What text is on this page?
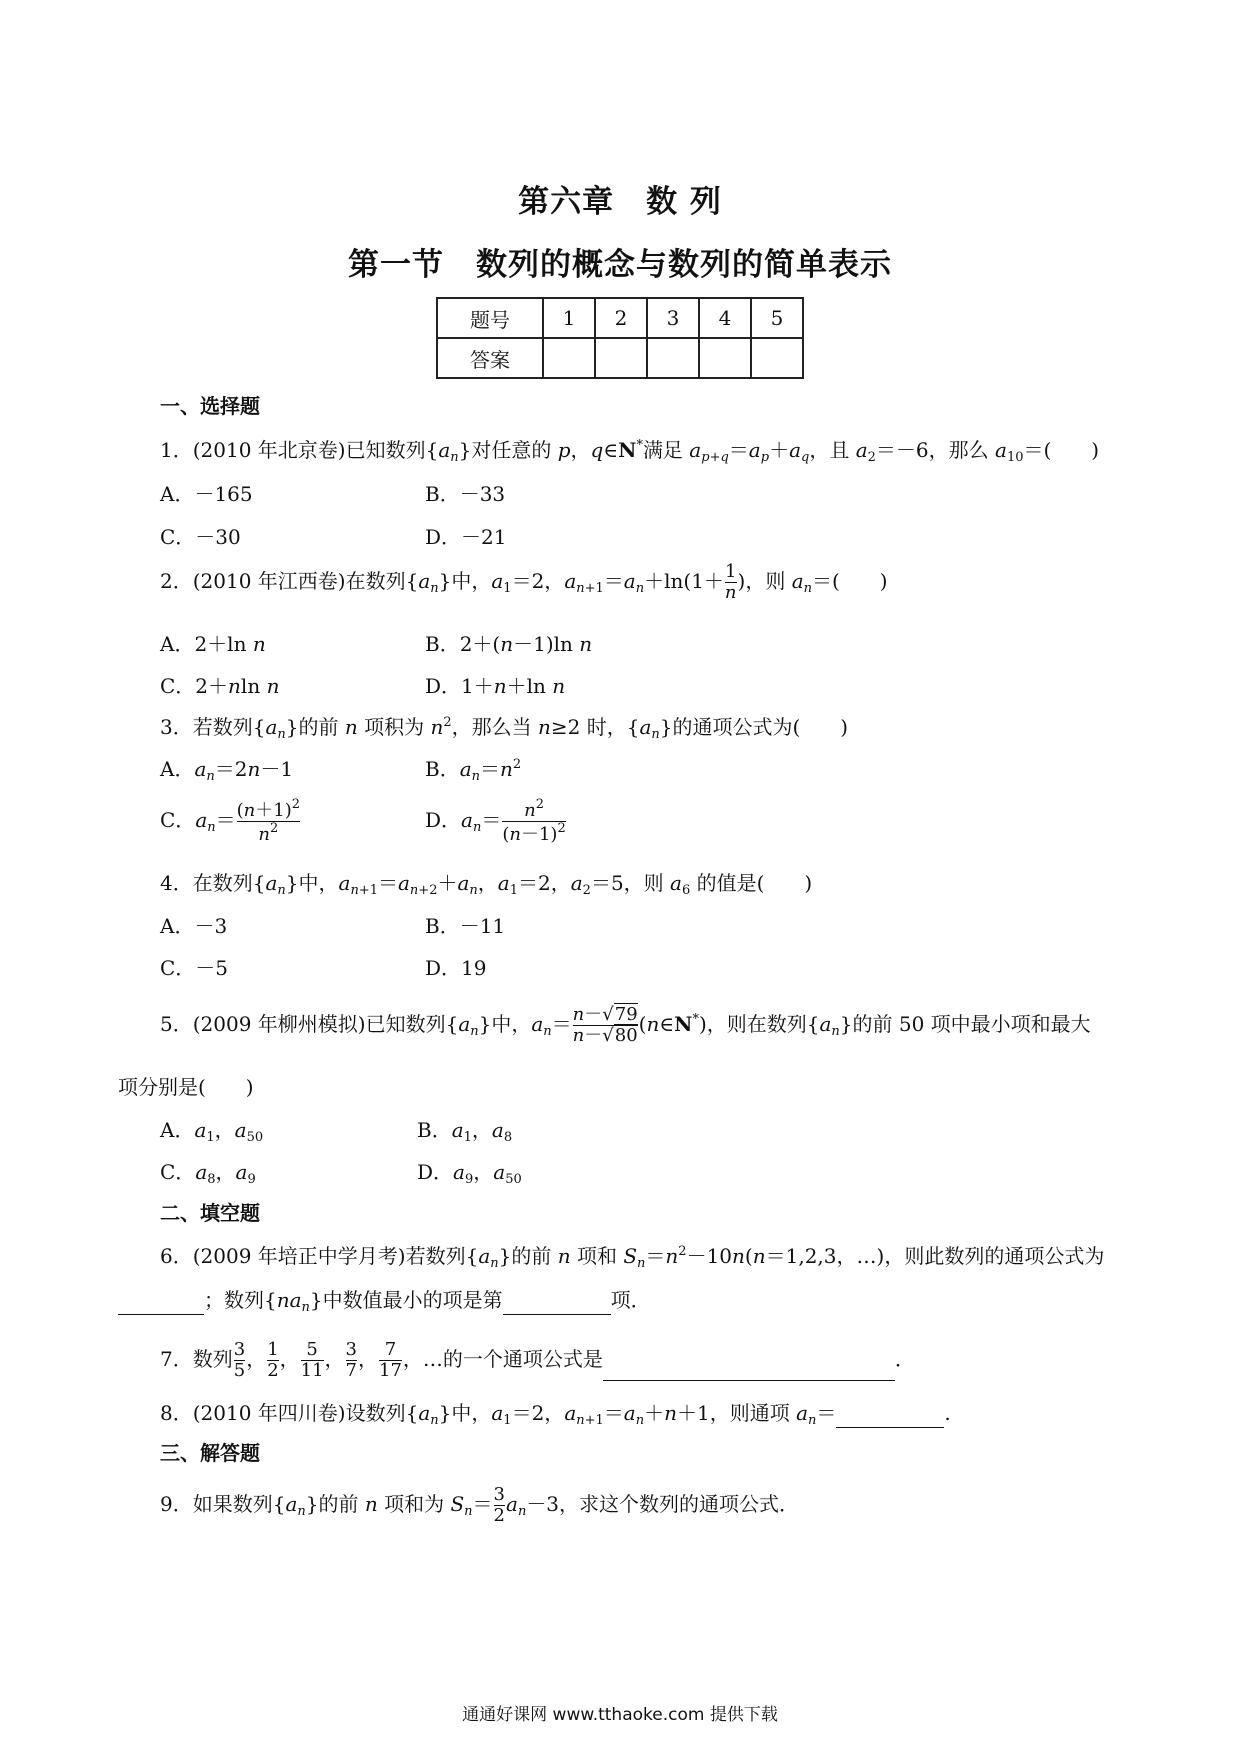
第六章　数 列
第一节　数列的概念与数列的简单表示
题号	1	2	3	4	5
答案					
一、选择题
1．(2010 年北京卷)已知数列$\{a_n\}$对任意的 p，q∈N*满足 $a_{p+q}=a_p+a_q$，且 $a_2=-6$，那么 $a_{10}=$(　　)
A．－165	B．－33
C．－30	D．－21
2．(2010 年江西卷)在数列$\{a_n\}$中，$a_1=2$，$a_{n+1}=a_n+\ln(1+ \frac{1}{n}$ )，则 $a_n=$(　　)
A．2＋ln n	B．2＋(n－1)ln n
C．2＋nln n	D．1＋n＋ln n
3．若数列$\{a_n\}$的前 n 项积为 $n^2$，那么当 n≥2 时，$\{a_n\}$的通项公式为(　　)
A．$a_n=2n-1$	B．$a_n=n^2$
C．$a_n= \frac{(n+1)^2}{n^2}$	D．$a_n= \frac{n^2}{(n-1)^2}$
4．在数列$\{a_n\}$中，$a_{n+1}=a_{n+2}+a_n$，$a_1=2$，$a_2=5$，则 $a_6$ 的值是(　　)
A．－3	B．－11
C．－5	D．19
5．(2009 年柳州模拟)已知数列$\{a_n\}$中，$a_n= \frac{n-√79}{n-√80}$ (n∈N*)，则在数列$\{a_n\}$的前 50 项中最小项和最大
项分别是(　　)
A．$a_1$，$a_{50}$	B．$a_1$，$a_8$
C．$a_8$，$a_9$	D．$a_9$，$a_{50}$
二、填空题
6．(2009 年培正中学月考)若数列$\{a_n\}$的前 n 项和 $S_n=n^2-10n(n=1,2,3$，…)，则此数列的通项公式为
；数列$\{na_n\}$中数值最小的项是第	项．
7．数列 $\frac{3}{5}$ ， $\frac{1}{2}$ ， $\frac{5}{11}$ ， $\frac{3}{7}$ ， $\frac{7}{17}$ ，…的一个通项公式是	．
8．(2010 年四川卷)设数列$\{a_n\}$中，$a_1=2$，$a_{n+1}=a_n+n+1$，则通项 $a_n=$	.
三、解答题
9．如果数列$\{a_n\}$的前 n 项和为 $S_n= \frac{3}{2} a_n-3$，求这个数列的通项公式．
通通好课网 www.tthaoke.com 提供下载
